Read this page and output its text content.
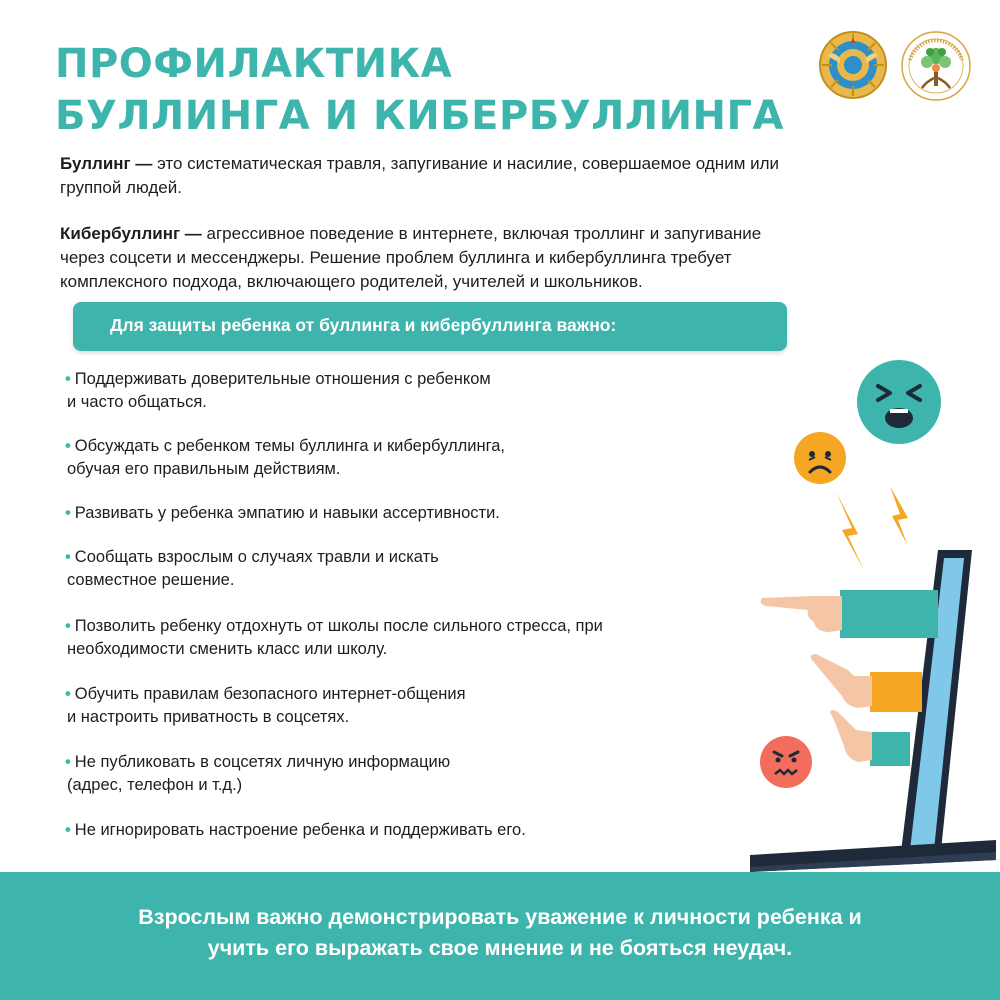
ПРОФИЛАКТИКА
БУЛЛИНГА И КИБЕРБУЛЛИНГА
Буллинг — это систематическая травля, запугивание и насилие, совершаемое одним или
группой людей.
Кибербуллинг — агрессивное поведение в интернете, включая троллинг и запугивание
через соцсети и мессенджеры. Решение проблем буллинга и кибербуллинга требует
комплексного подхода, включающего родителей, учителей и школьников.
Для защиты ребенка от буллинга и кибербуллинга важно:
• Поддерживать доверительные отношения с ребенком
и часто общаться.
• Обсуждать с ребенком темы буллинга и кибербуллинга,
обучая его правильным действиям.
• Развивать у ребенка эмпатию и навыки ассертивности.
• Сообщать взрослым о случаях травли и искать
совместное решение.
• Позволить ребенку отдохнуть от школы после сильного стресса, при
необходимости сменить класс или школу.
• Обучить правилам безопасного интернет-общения
и настроить приватность в соцсетях.
• Не публиковать в соцсетях личную информацию
(адрес, телефон и т.д.)
• Не игнорировать настроение ребенка и поддерживать его.
Взрослым важно демонстрировать уважение к личности ребенка и
учить его выражать свое мнение и не бояться неудач.
